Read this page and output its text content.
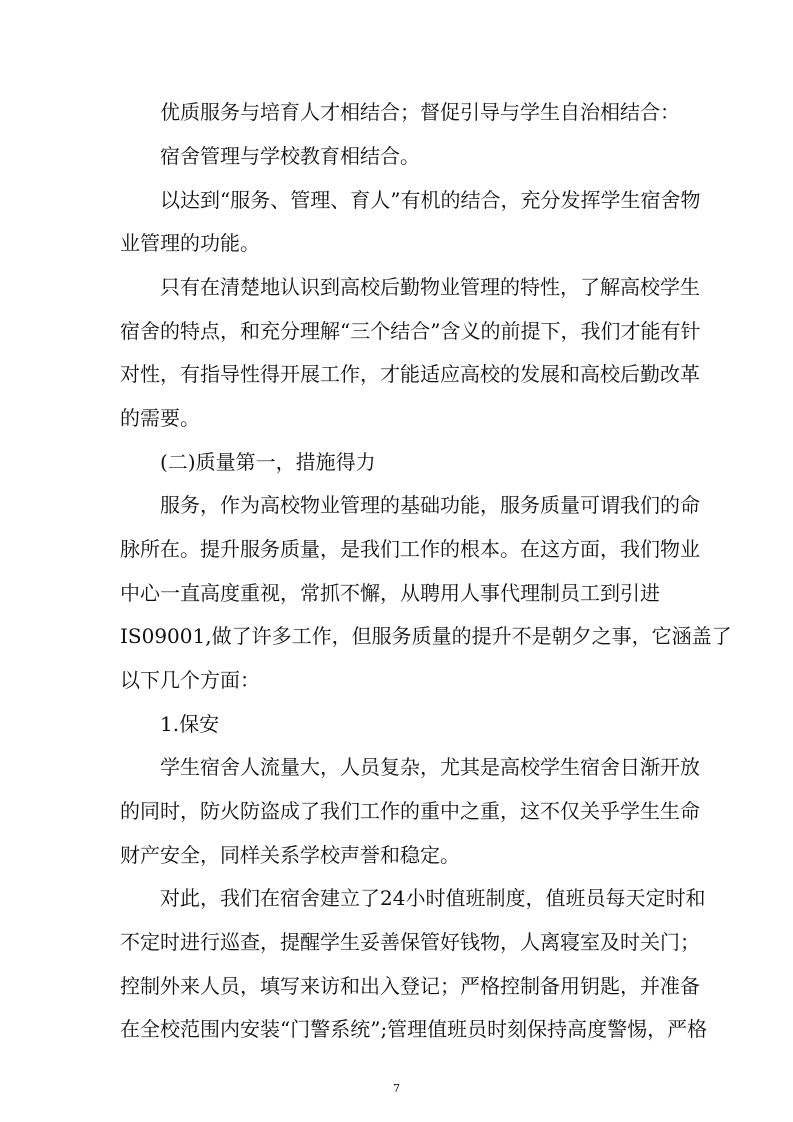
优质服务与培育人才相结合；督促引导与学生自治相结合：

宿舍管理与学校教育相结合。

以达到“服务、管理、育人”有机的结合，充分发挥学生宿舍物

业管理的功能。

只有在清楚地认识到高校后勤物业管理的特性，了解高校学生

宿舍的特点，和充分理解“三个结合”含义的前提下，我们才能有针

对性，有指导性得开展工作，才能适应高校的发展和高校后勤改革

的需要。

(二)质量第一，措施得力

服务，作为高校物业管理的基础功能，服务质量可谓我们的命

脉所在。提升服务质量，是我们工作的根本。在这方面，我们物业

中心一直高度重视，常抓不懈，从聘用人事代理制员工到引进

IS09001,做了许多工作，但服务质量的提升不是朝夕之事，它涵盖了

以下几个方面：

1.保安

学生宿舍人流量大，人员复杂，尤其是高校学生宿舍日渐开放

的同时，防火防盗成了我们工作的重中之重，这不仅关乎学生生命

财产安全，同样关系学校声誉和稳定。

对此，我们在宿舍建立了24小时值班制度，值班员每天定时和

不定时进行巡查，提醒学生妥善保管好钱物，人离寝室及时关门；

控制外来人员，填写来访和出入登记；严格控制备用钥匙，并准备

在全校范围内安装“门警系统”;管理值班员时刻保持高度警惕，严格

7
